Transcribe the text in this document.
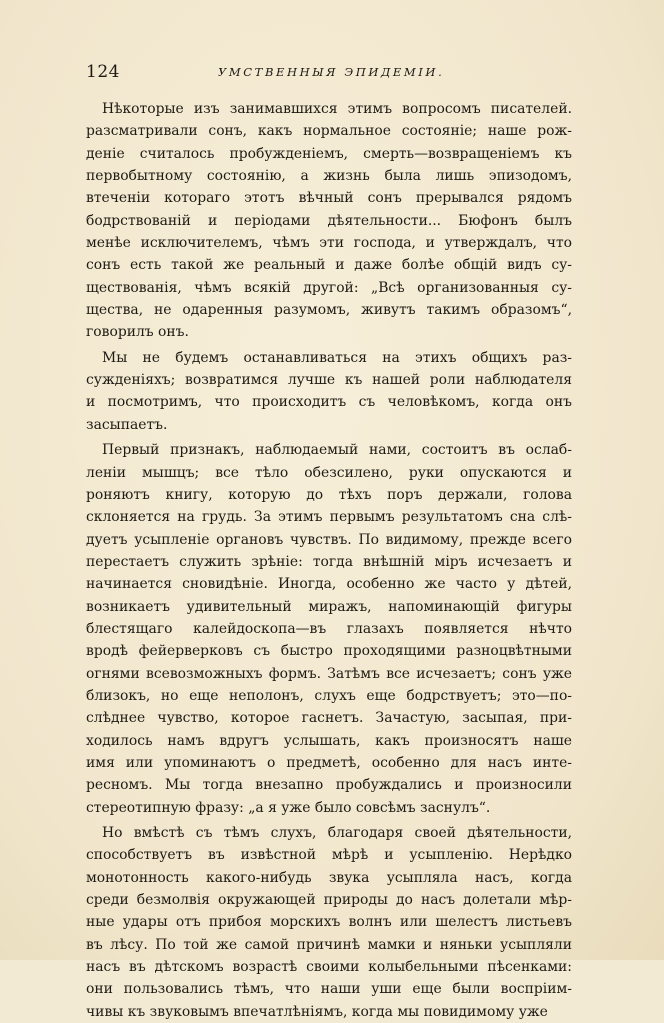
124	УМСТВЕННЫЯ ЭПИДЕМІИ.

Нѣкоторые изъ занимавшихся этимъ вопросомъ писателей.
разсматривали сонъ, какъ нормальное состояніе; наше рож-
деніе считалось пробужденіемъ, смерть—возвращеніемъ къ
первобытному состоянію, а жизнь была лишь эпизодомъ,
втеченіи котораго этотъ вѣчный сонъ прерывался рядомъ
бодрствованій и періодами дѣятельности... Бюфонъ былъ
менѣе исключителемъ, чѣмъ эти господа, и утверждалъ, что
сонъ есть такой же реальный и даже болѣе общій видъ су-
ществованія, чѣмъ всякій другой: „Всѣ организованныя су-
щества, не одаренныя разумомъ, живутъ такимъ образомъ“,
говорилъ онъ.

Мы не будемъ останавливаться на этихъ общихъ раз-
сужденіяхъ; возвратимся лучше къ нашей роли наблюдателя
и посмотримъ, что происходитъ съ человѣкомъ, когда онъ
засыпаетъ.

Первый признакъ, наблюдаемый нами, состоитъ въ ослаб-
леніи мышцъ; все тѣло обезсилено, руки опускаются и
роняютъ книгу, которую до тѣхъ поръ держали, голова
склоняется на грудь. За этимъ первымъ результатомъ сна слѣ-
дуетъ усыпленіе органовъ чувствъ. По видимому, прежде всего
перестаетъ служить зрѣніе: тогда внѣшній міръ исчезаетъ и
начинается сновидѣніе. Иногда, особенно же часто у дѣтей,
возникаетъ удивительный миражъ, напоминающій фигуры
блестящаго калейдоскопа—въ глазахъ появляется нѣчто
вродѣ фейерверковъ съ быстро проходящими разноцвѣтными
огнями всевозможныхъ формъ. Затѣмъ все исчезаетъ; сонъ уже
близокъ, но еще неполонъ, слухъ еще бодрствуетъ; это—по-
слѣднее чувство, которое гаснетъ. Зачастую, засыпая, при-
ходилось намъ вдругъ услышать, какъ произносятъ наше
имя или упоминаютъ о предметѣ, особенно для насъ инте-
ресномъ. Мы тогда внезапно пробуждались и произносили
стереотипную фразу: „а я уже было совсѣмъ заснулъ“.

Но вмѣстѣ съ тѣмъ слухъ, благодаря своей дѣятельности,
способствуетъ въ извѣстной мѣрѣ и усыпленію. Нерѣдко
монотонность какого-нибудь звука усыпляла насъ, когда
среди безмолвія окружающей природы до насъ долетали мѣр-
ные удары отъ прибоя морскихъ волнъ или шелестъ листьевъ
въ лѣсу. По той же самой причинѣ мамки и няньки усыпляли
насъ въ дѣтскомъ возрастѣ своими колыбельными пѣсенками:
они пользовались тѣмъ, что наши уши еще были воспріим-
чивы къ звуковымъ впечатлѣніямъ, когда мы повидимому уже
